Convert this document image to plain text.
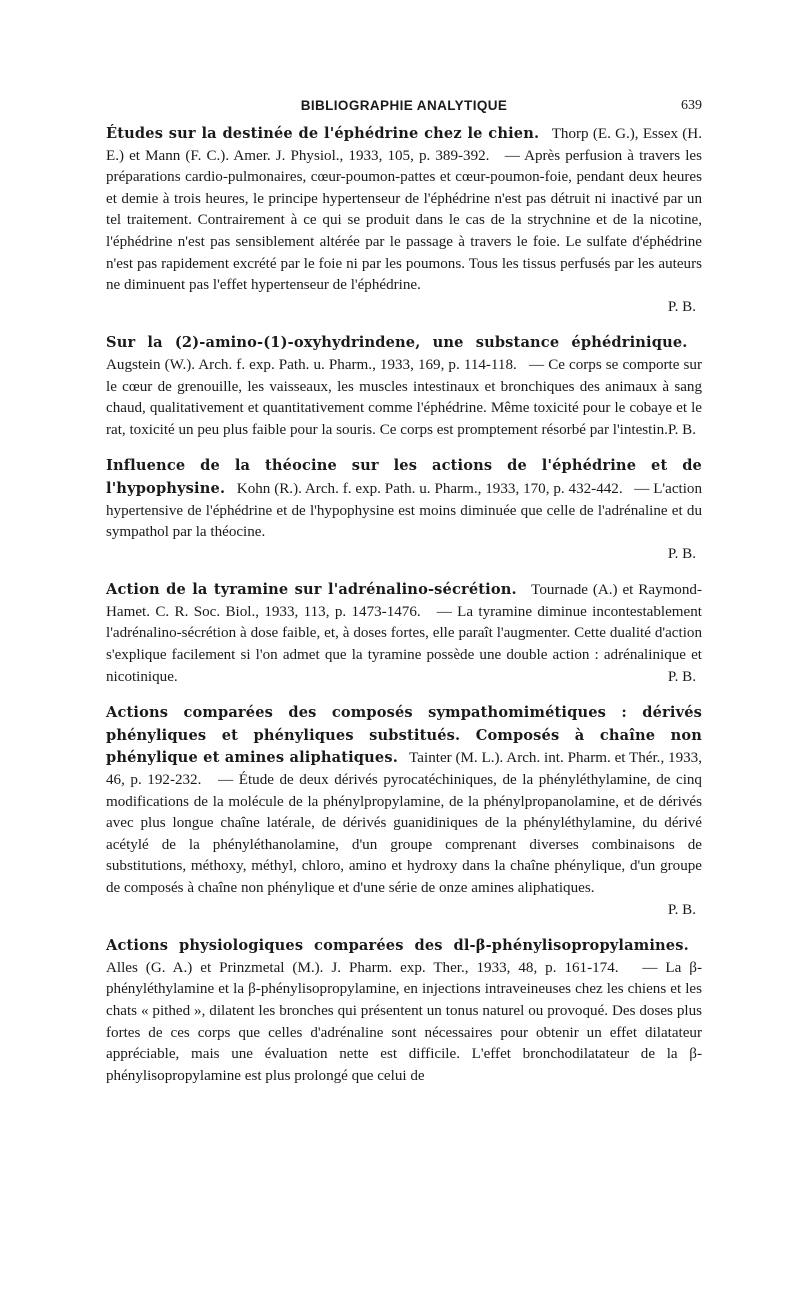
BIBLIOGRAPHIE ANALYTIQUE	639
Études sur la destinée de l'éphédrine chez le chien. Thorp (E. G.), Essex (H. E.) et Mann (F. C.). Amer. J. Physiol., 1933, 105, p. 389-392. — Après perfusion à travers les préparations cardio-pulmonaires, cœur-poumon-pattes et cœur-poumon-foie, pendant deux heures et demie à trois heures, le principe hypertenseur de l'éphédrine n'est pas détruit ni inactivé par un tel traitement. Contrairement à ce qui se produit dans le cas de la strychnine et de la nicotine, l'éphédrine n'est pas sensiblement altérée par le passage à travers le foie. Le sulfate d'éphédrine n'est pas rapidement excrété par le foie ni par les poumons. Tous les tissus perfusés par les auteurs ne diminuent pas l'effet hypertenseur de l'éphédrine.
P. B.
Sur la (2)-amino-(1)-oxyhydrindene, une substance éphédrinique.   Augstein (W.). Arch. f. exp. Path. u. Pharm., 1933, 169, p. 114-118. — Ce corps se comporte sur le cœur de grenouille, les vaisseaux, les muscles intestinaux et bronchiques des animaux à sang chaud, qualitativement et quantitativement comme l'éphédrine. Même toxicité pour le cobaye et le rat, toxicité un peu plus faible pour la souris. Ce corps est promptement résorbé par l'intestin. P. B.
Influence de la théocine sur les actions de l'éphédrine et de l'hypophysine. Kohn (R.). Arch. f. exp. Path. u. Pharm., 1933, 170, p. 432-442. — L'action hypertensive de l'éphédrine et de l'hypophysine est moins diminuée que celle de l'adrénaline et du sympathol par la théocine.
P. B.
Action de la tyramine sur l'adrénalino-sécrétion. Tournade (A.) et Raymond-Hamet. C. R. Soc. Biol., 1933, 113, p. 1473-1476. — La tyramine diminue incontestablement l'adrénalino-sécrétion à dose faible, et, à doses fortes, elle paraît l'augmenter. Cette dualité d'action s'explique facilement si l'on admet que la tyramine possède une double action : adrénalinique et nicotinique.	P. B.
Actions comparées des composés sympathomimétiques : dérivés phényliques et phényliques substitués. Composés à chaîne non phénylique et amines aliphatiques. Tainter (M. L.). Arch. int. Pharm. et Thér., 1933, 46, p. 192-232. — Étude de deux dérivés pyrocatéchiniques, de la phényléthylamine, de cinq modifications de la molécule de la phénylpropylamine, de la phénylpropanolamine, et de dérivés avec plus longue chaîne latérale, de dérivés guanidiniques de la phényléthylamine, du dérivé acétylé de la phényléthanolamine, d'un groupe comprenant diverses combinaisons de substitutions, méthoxy, méthyl, chloro, amino et hydroxy dans la chaîne phénylique, d'un groupe de composés à chaîne non phénylique et d'une série de onze amines aliphatiques.
P. B.
Actions physiologiques comparées des dl-β-phénylisopropylamines.   Alles (G. A.) et Prinzmetal (M.). J. Pharm. exp. Ther., 1933, 48, p. 161-174. — La β-phényléthylamine et la β-phénylisopropylamine, en injections intraveineuses chez les chiens et les chats « pithed », dilatent les bronches qui présentent un tonus naturel ou provoqué. Des doses plus fortes de ces corps que celles d'adrénaline sont nécessaires pour obtenir un effet dilatateur appréciable, mais une évaluation nette est difficile. L'effet bronchodilatateur de la β-phénylisopropylamine est plus prolongé que celui de
